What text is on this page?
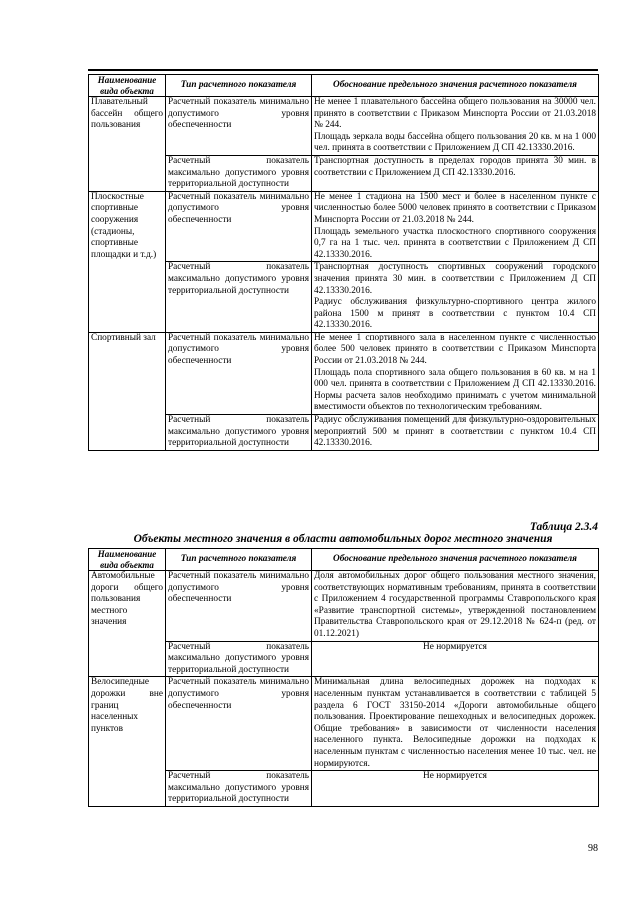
Наименование вида объекта	Тип расчетного показателя	Обоснование предельного значения расчетного показателя
Плавательный бассейн общего пользования	Расчетный показатель минимально допустимого уровня обеспеченности	Не менее 1 плавательного бассейна общего пользования на 30000 чел. принято в соответствии с Приказом Минспорта России от 21.03.2018 № 244.

Площадь зеркала воды бассейна общего пользования 20 кв. м на 1 000 чел. принята в соответствии с Приложением Д СП 42.13330.2016.

	Расчетный показатель максимально допустимого уровня территориальной доступности	Транспортная доступность в пределах городов принята 30 мин. в соответствии с Приложением Д СП 42.13330.2016.

Плоскостные спортивные сооружения (стадионы, спортивные площадки и т.д.)	Расчетный показатель минимально допустимого уровня обеспеченности	Не менее 1 стадиона на 1500 мест и более в населенном пункте с численностью более 5000 человек принято в соответствии с Приказом Минспорта России от 21.03.2018 № 244.

Площадь земельного участка плоскостного спортивного сооружения 0,7 га на 1 тыс. чел. принята в соответствии с Приложением Д СП 42.13330.2016.

	Расчетный показатель максимально допустимого уровня территориальной доступности	Транспортная доступность спортивных сооружений городского значения принята 30 мин. в соответствии с Приложением Д СП 42.13330.2016.

Радиус обслуживания физкультурно-спортивного центра жилого района 1500 м принят в соответствии с пунктом 10.4 СП 42.13330.2016.

Спортивный зал	Расчетный показатель минимально допустимого уровня обеспеченности	Не менее 1 спортивного зала в населенном пункте с численностью более 500 человек принято в соответствии с Приказом Минспорта России от 21.03.2018 № 244.

Площадь пола спортивного зала общего пользования в 60 кв. м на 1 000 чел. принята в соответствии с Приложением Д СП 42.13330.2016. Нормы расчета залов необходимо принимать с учетом минимальной вместимости объектов по технологическим требованиям.

	Расчетный показатель максимально допустимого уровня территориальной доступности	Радиус обслуживания помещений для физкультурно-оздоровительных мероприятий 500 м принят в соответствии с пунктом 10.4 СП 42.13330.2016.

Таблица 2.3.4
Объекты местного значения в области автомобильных дорог местного значения
Наименование вида объекта	Тип расчетного показателя	Обоснование предельного значения расчетного показателя
Автомобильные дороги общего пользования местного значения	Расчетный показатель минимально допустимого уровня обеспеченности	Доля автомобильных дорог общего пользования местного значения, соответствующих нормативным требованиям, принята в соответствии с Приложением 4 государственной программы Ставропольского края «Развитие транспортной системы», утвержденной постановлением Правительства Ставропольского края от 29.12.2018 № 624-п (ред. от 01.12.2021)

	Расчетный показатель максимально допустимого уровня территориальной доступности	Не нормируется

Велосипедные дорожки вне границ населенных пунктов	Расчетный показатель минимально допустимого уровня обеспеченности	Минимальная длина велосипедных дорожек на подходах к населенным пунктам устанавливается в соответствии с таблицей 5 раздела 6 ГОСТ 33150-2014 «Дороги автомобильные общего пользования. Проектирование пешеходных и велосипедных дорожек. Общие требования» в зависимости от численности населения населенного пункта. Велосипедные дорожки на подходах к населенным пунктам с численностью населения менее 10 тыс. чел. не нормируются.

	Расчетный показатель максимально допустимого уровня территориальной доступности	Не нормируется

98
